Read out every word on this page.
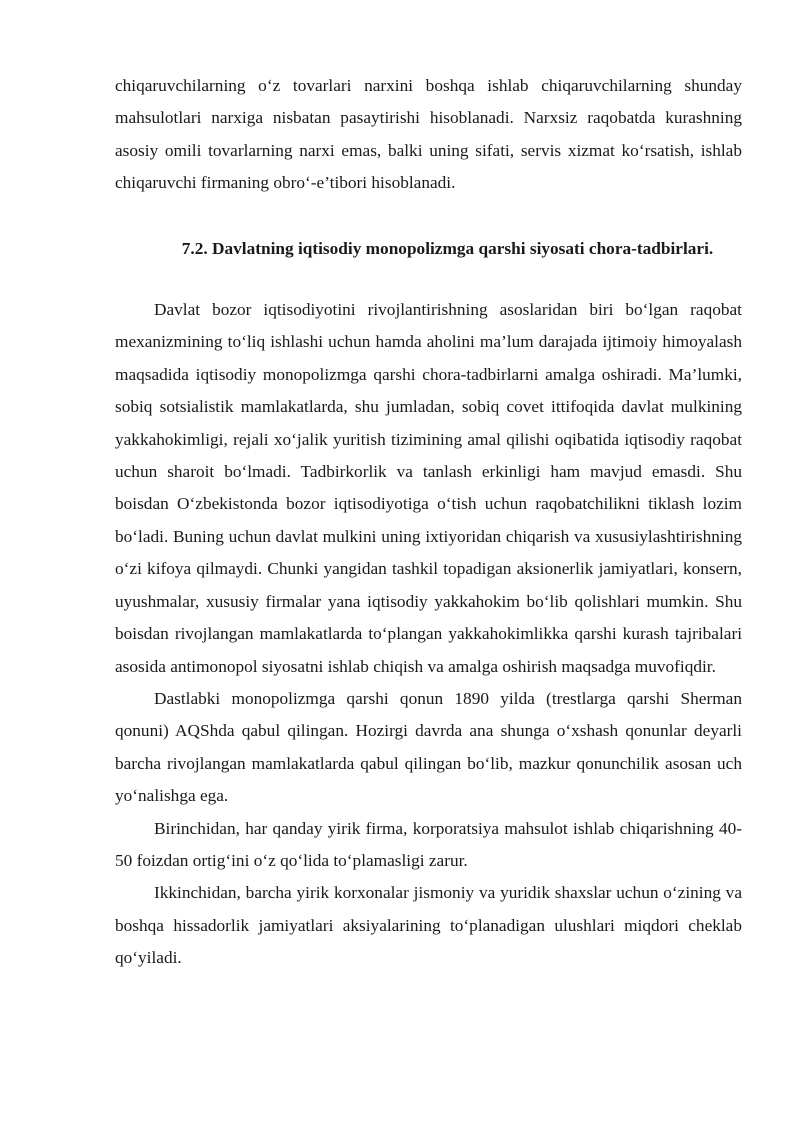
chiqaruvchilarning o‘z tovarlari narxini boshqa ishlab chiqaruvchilarning shunday mahsulotlari narxiga nisbatan pasaytirishi hisoblanadi. Narxsiz raqobatda kurashning asosiy omili tovarlarning narxi emas, balki uning sifati, servis xizmat ko‘rsatish, ishlab chiqaruvchi firmaning obro‘-e’tibori hisoblanadi.

7.2. Davlatning iqtisodiy monopolizmga qarshi siyosati chora-tadbirlari.

Davlat bozor iqtisodiyotini rivojlantirishning asoslaridan biri bo‘lgan raqobat mexanizmining to‘liq ishlashi uchun hamda aholini ma’lum darajada ijtimoiy himoyalash maqsadida iqtisodiy monopolizmga qarshi chora-tadbirlarni amalga oshiradi. Ma’lumki, sobiq sotsialistik mamlakatlarda, shu jumladan, sobiq covet ittifoqida davlat mulkining yakkahokimligi, rejali xo‘jalik yuritish tizimining amal qilishi oqibatida iqtisodiy raqobat uchun sharoit bo‘lmadi. Tadbirkorlik va tanlash erkinligi ham mavjud emasdi. Shu boisdan O‘zbekistonda bozor iqtisodiyotiga o‘tish uchun raqobatchilikni tiklash lozim bo‘ladi. Buning uchun davlat mulkini uning ixtiyoridan chiqarish va xususiylashtirishning o‘zi kifoya qilmaydi. Chunki yangidan tashkil topadigan aksionerlik jamiyatlari, konsern, uyushmalar, xususiy firmalar yana iqtisodiy yakkahokim bo‘lib qolishlari mumkin. Shu boisdan rivojlangan mamlakatlarda to‘plangan yakkahokimlikka qarshi kurash tajribalari asosida antimonopol siyosatni ishlab chiqish va amalga oshirish maqsadga muvofiqdir.

Dastlabki monopolizmga qarshi qonun 1890 yilda (trestlarga qarshi Sherman qonuni) AQShda qabul qilingan. Hozirgi davrda ana shunga o‘xshash qonunlar deyarli barcha rivojlangan mamlakatlarda qabul qilingan bo‘lib, mazkur qonunchilik asosan uch yo‘nalishga ega.

Birinchidan, har qanday yirik firma, korporatsiya mahsulot ishlab chiqarishning 40-50 foizdan ortig‘ini o‘z qo‘lida to‘plamasligi zarur.

Ikkinchidan, barcha yirik korxonalar jismoniy va yuridik shaxslar uchun o‘zining va boshqa hissadorlik jamiyatlari aksiyalarining to‘planadigan ulushlari miqdori cheklab qo‘yiladi.
